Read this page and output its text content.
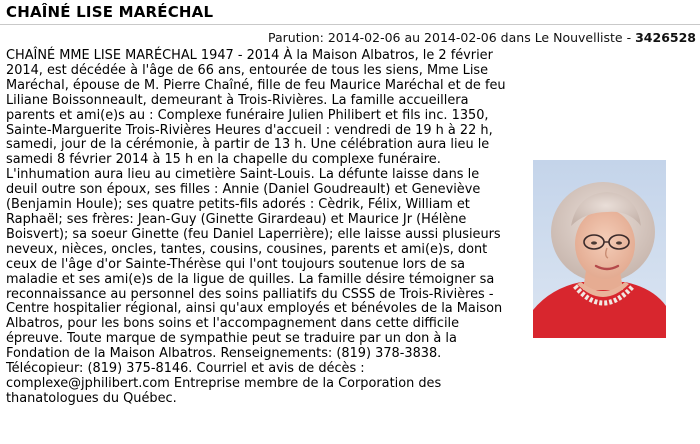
CHAÎNÉ LISE MARÉCHAL
Parution: 2014-02-06 au 2014-02-06 dans Le Nouvelliste - 3426528
CHAÎNÉ MME LISE MARÉCHAL 1947 - 2014 À la Maison Albatros, le 2 février
2014, est décédée à l'âge de 66 ans, entourée de tous les siens, Mme Lise
Maréchal, épouse de M. Pierre Chaîné, fille de feu Maurice Maréchal et de feu
Liliane Boissonneault, demeurant à Trois-Rivières. La famille accueillera
parents et ami(e)s au : Complexe funéraire Julien Philibert et fils inc. 1350,
Sainte-Marguerite Trois-Rivières Heures d'accueil : vendredi de 19 h à 22 h,
samedi, jour de la cérémonie, à partir de 13 h. Une célébration aura lieu le
samedi 8 février 2014 à 15 h en la chapelle du complexe funéraire.
L'inhumation aura lieu au cimetière Saint-Louis. La défunte laisse dans le
deuil outre son époux, ses filles : Annie (Daniel Goudreault) et Geneviève
(Benjamin Houle); ses quatre petits-fils adorés : Cèdrik, Félix, William et
Raphaël; ses frères: Jean-Guy (Ginette Girardeau) et Maurice Jr (Hélène
Boisvert); sa soeur Ginette (feu Daniel Laperrière); elle laisse aussi plusieurs
neveux, nièces, oncles, tantes, cousins, cousines, parents et ami(e)s, dont
ceux de l'âge d'or Sainte-Thérèse qui l'ont toujours soutenue lors de sa
maladie et ses ami(e)s de la ligue de quilles. La famille désire témoigner sa
reconnaissance au personnel des soins palliatifs du CSSS de Trois-Rivières -
Centre hospitalier régional, ainsi qu'aux employés et bénévoles de la Maison
Albatros, pour les bons soins et l'accompagnement dans cette difficile
épreuve. Toute marque de sympathie peut se traduire par un don à la
Fondation de la Maison Albatros. Renseignements: (819) 378-3838.
Télécopieur: (819) 375-8146. Courriel et avis de décès :
complexe@jphilibert.com Entreprise membre de la Corporation des
thanatologues du Québec.
